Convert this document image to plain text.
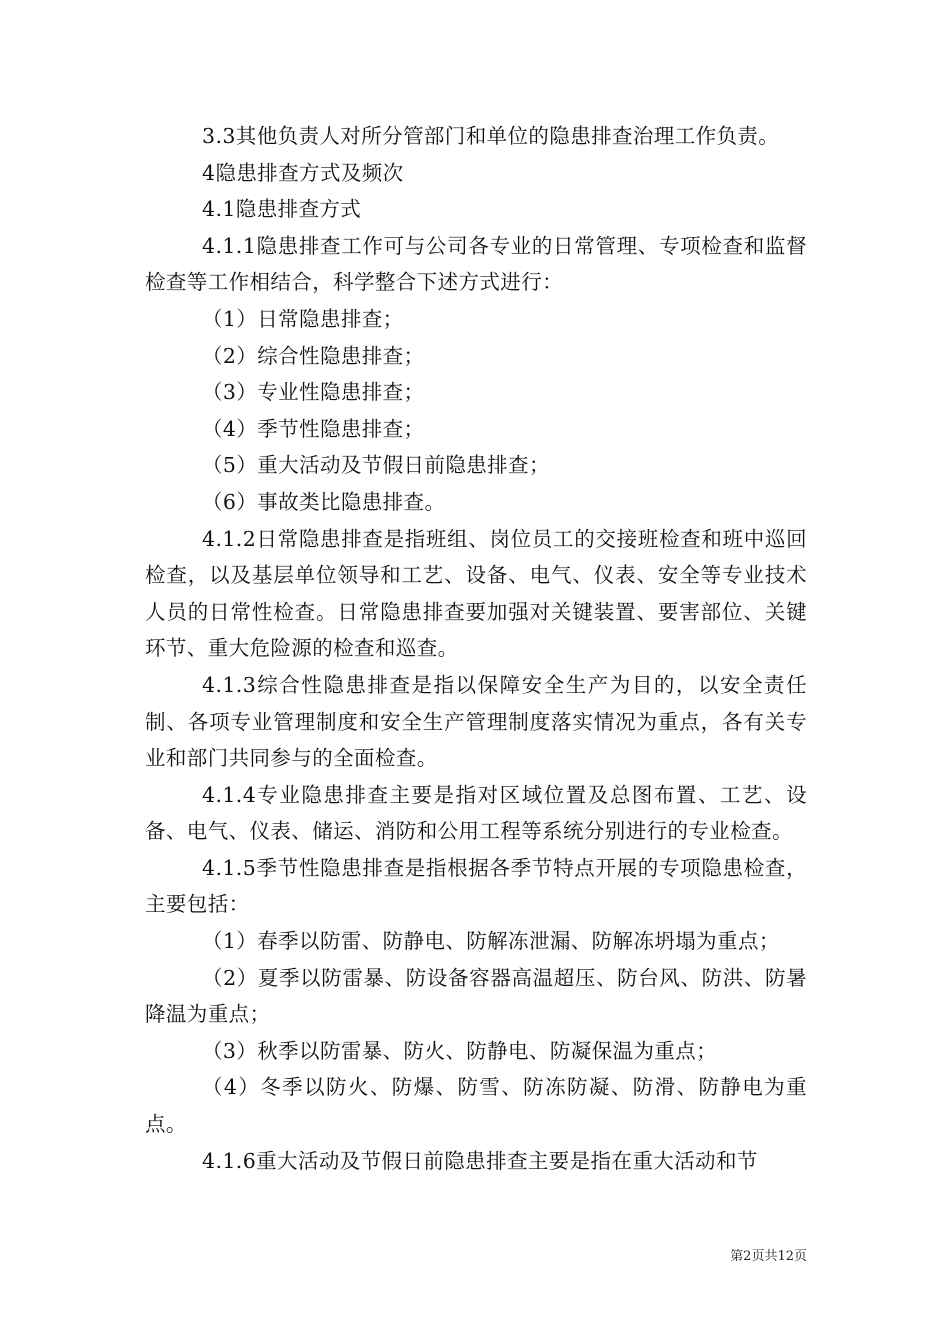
3.3其他负责人对所分管部门和单位的隐患排查治理工作负责。

4隐患排查方式及频次

4.1隐患排查方式

4.1.1隐患排查工作可与公司各专业的日常管理、专项检查和监督检查等工作相结合，科学整合下述方式进行：

（1）日常隐患排查；

（2）综合性隐患排查；

（3）专业性隐患排查；

（4）季节性隐患排查；

（5）重大活动及节假日前隐患排查；

（6）事故类比隐患排查。

4.1.2日常隐患排查是指班组、岗位员工的交接班检查和班中巡回检查，以及基层单位领导和工艺、设备、电气、仪表、安全等专业技术人员的日常性检查。日常隐患排查要加强对关键装置、要害部位、关键环节、重大危险源的检查和巡查。

4.1.3综合性隐患排查是指以保障安全生产为目的，以安全责任制、各项专业管理制度和安全生产管理制度落实情况为重点，各有关专业和部门共同参与的全面检查。

4.1.4专业隐患排查主要是指对区域位置及总图布置、工艺、设备、电气、仪表、储运、消防和公用工程等系统分别进行的专业检查。

4.1.5季节性隐患排查是指根据各季节特点开展的专项隐患检查，主要包括：

（1）春季以防雷、防静电、防解冻泄漏、防解冻坍塌为重点；

（2）夏季以防雷暴、防设备容器高温超压、防台风、防洪、防暑降温为重点；

（3）秋季以防雷暴、防火、防静电、防凝保温为重点；

（4）冬季以防火、防爆、防雪、防冻防凝、防滑、防静电为重点。

4.1.6重大活动及节假日前隐患排查主要是指在重大活动和节

第2页共12页
